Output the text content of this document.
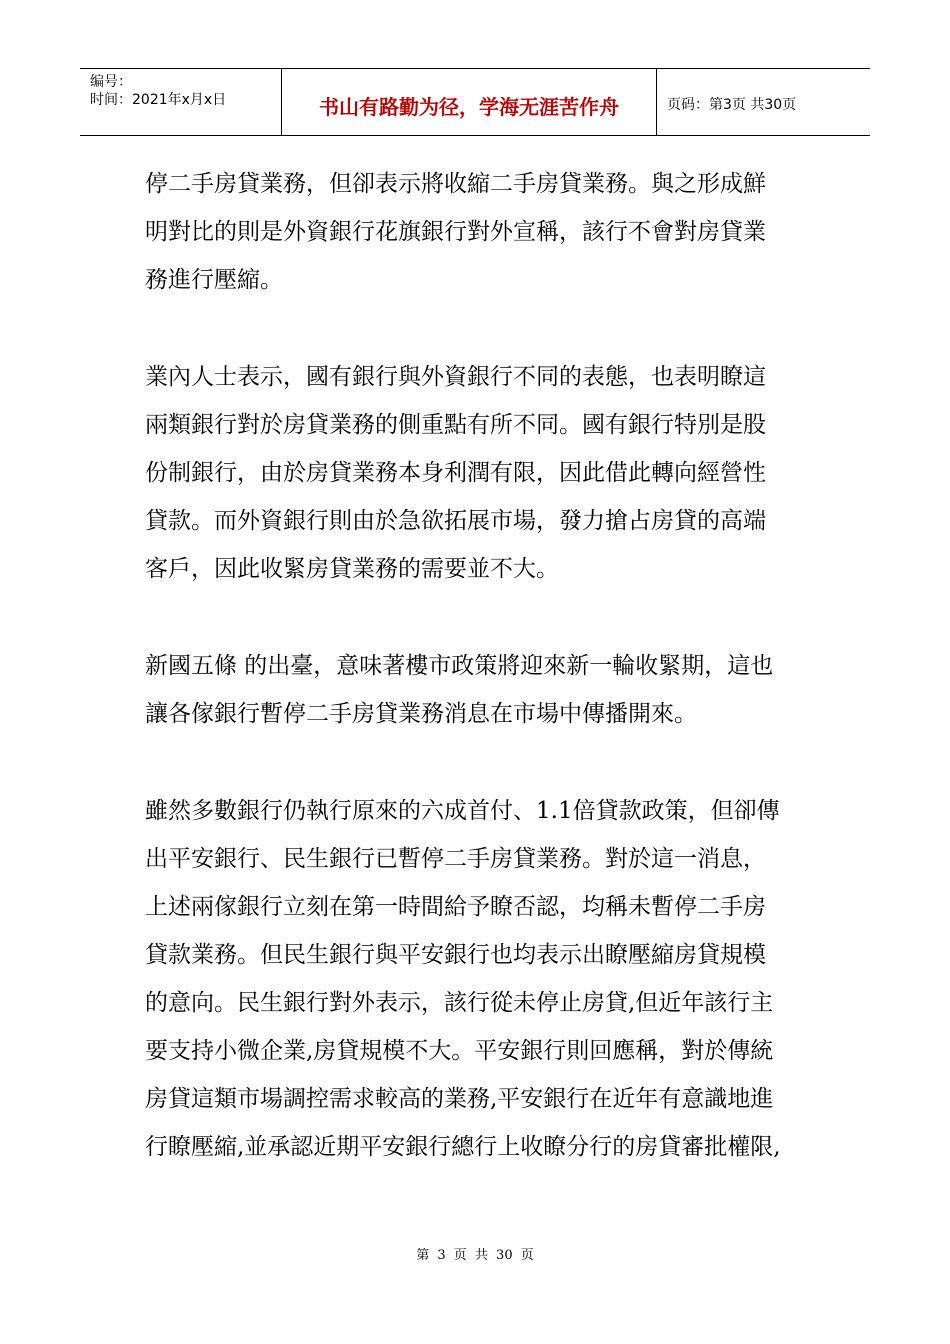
编号：
时间：2021年x月x日	书山有路勤为径，学海无涯苦作舟	页码：第3页 共30页
停二手房貸業務，但卻表示將收縮二手房貸業務。與之形成鮮
明對比的則是外資銀行花旗銀行對外宣稱，該行不會對房貸業
務進行壓縮。
業內人士表示，國有銀行與外資銀行不同的表態，也表明瞭這
兩類銀行對於房貸業務的側重點有所不同。國有銀行特別是股
份制銀行，由於房貸業務本身利潤有限，因此借此轉向經營性
貸款。而外資銀行則由於急欲拓展市場，發力搶占房貸的高端
客戶，因此收緊房貸業務的需要並不大。
新國五條 的出臺，意味著樓市政策將迎來新一輪收緊期，這也
讓各傢銀行暫停二手房貸業務消息在市場中傳播開來。
雖然多數銀行仍執行原來的六成首付、1.1倍貸款政策，但卻傳
出平安銀行、民生銀行已暫停二手房貸業務。對於這一消息，
上述兩傢銀行立刻在第一時間給予瞭否認，均稱未暫停二手房
貸款業務。但民生銀行與平安銀行也均表示出瞭壓縮房貸規模
的意向。民生銀行對外表示，該行從未停止房貸,但近年該行主
要支持小微企業,房貸規模不大。平安銀行則回應稱，對於傳統
房貸這類市場調控需求較高的業務,平安銀行在近年有意識地進
行瞭壓縮,並承認近期平安銀行總行上收瞭分行的房貸審批權限,
第 3 页 共 30 页
